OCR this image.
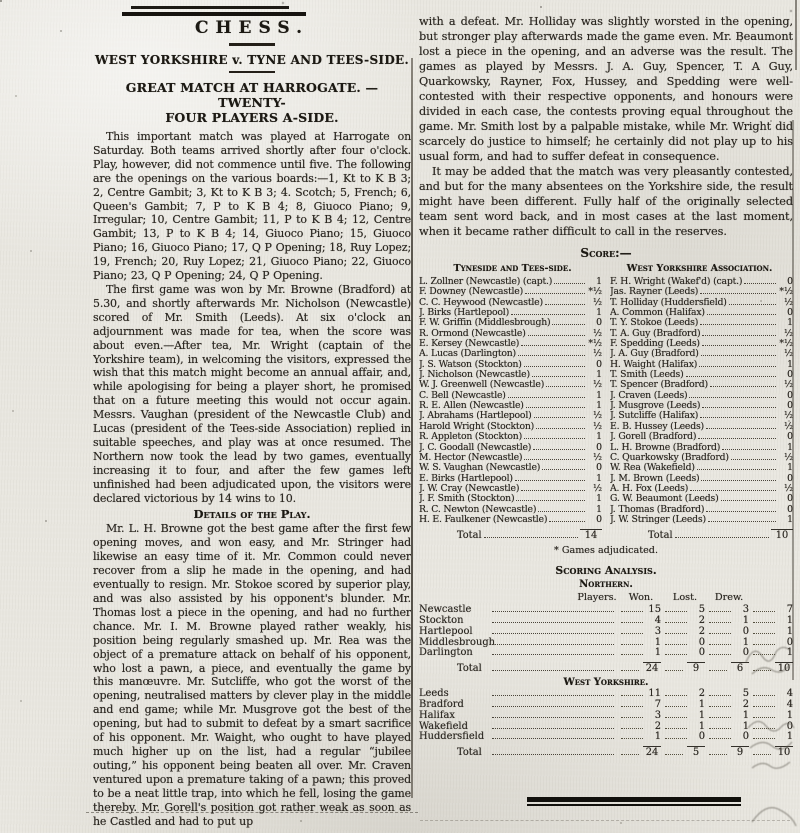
CHESS.
WEST YORKSHIRE v. TYNE AND TEES-SIDE.
GREAT MATCH AT HARROGATE. — TWENTY-
FOUR PLAYERS A-SIDE.

This important match was played at Harrogate on Saturday. Both teams arrived shortly after four o'clock. Play, however, did not commence until five. The following are the openings on the various boards:—1, Kt to K B 3; 2, Centre Gambit; 3, Kt to K B 3; 4. Scotch; 5, French; 6, Queen's Gambit; 7, P to K B 4; 8, Giuoco Piano; 9, Irregular; 10, Centre Gambit; 11, P to K B 4; 12, Centre Gambit; 13, P to K B 4; 14, Giuoco Piano; 15, Giuoco Piano; 16, Giuoco Piano; 17, Q P Opening; 18, Ruy Lopez; 19, French; 20, Ruy Lopez; 21, Giuoco Piano; 22, Giuoco Piano; 23, Q P Opening; 24, Q P Opening.

The first game was won by Mr. Browne (Bradford) at 5.30, and shortly afterwards Mr. Nicholson (Newcastle) scored of Mr. Smith (Leeds). At six o'clock an adjournment was made for tea, when the score was about even.—After tea, Mr. Wright (captain of the Yorkshire team), in welcoming the visitors, expressed the wish that this match might become an annual affair, and, while apologising for being a player short, he promised that on a future meeting this would not occur again. Messrs. Vaughan (president of the Newcastle Club) and Lucas (president of the Tees-side Association) replied in suitable speeches, and play was at once resumed. The Northern now took the lead by two games, eventually increasing it to four, and after the few games left unfinished had been adjudicated upon, the visitors were declared victorious by 14 wins to 10.

Details of the Play.

Mr. L. H. Browne got the best game after the first few opening moves, and won easy, and Mr. Stringer had likewise an easy time of it. Mr. Common could never recover from a slip he made in the opening, and had eventually to resign. Mr. Stokoe scored by superior play, and was also assisted by his opponent's blunder. Mr. Thomas lost a piece in the opening, and had no further chance. Mr. I. M. Browne played rather weakly, his position being regularly smashed up. Mr. Rea was the object of a premature attack on behalf of his opponent, who lost a pawn, a piece, and eventually the game by this manœuvre. Mr. Sutcliffe, who got the worst of the opening, neutralised matters by clever play in the middle and end game; while Mr. Musgrove got the best of the opening, but had to submit to defeat by a smart sacrifice of his opponent. Mr. Waight, who ought to have played much higher up on the list, had a regular “jubilee outing,” his opponent being beaten all over. Mr. Craven ventured upon a premature taking of a pawn; this proved to be a neat little trap, into which he fell, losing the game thereby. Mr. Gorell's position got rather weak as soon as he Castled and had to put up

with a defeat. Mr. Holliday was slightly worsted in the opening, but stronger play afterwards made the game even. Mr. Beaumont lost a piece in the opening, and an adverse was the result. The games as played by Messrs. J. A. Guy, Spencer, T. A Guy, Quarkowsky, Rayner, Fox, Hussey, and Spedding were well-contested with their respective opponents, and honours were divided in each case, the contests proving equal throughout the game. Mr. Smith lost by a palpable mistake, while Mr. Wright did scarcely do justice to himself; he certainly did not play up to his usual form, and had to suffer defeat in consequence.

It may be added that the match was very pleasantly contested, and but for the many absentees on the Yorkshire side, the result might have been different. Fully half of the originally selected team sent word back, and in most cases at the last moment, when it became rather difficult to call in the reserves.

Score:—
Tyneside and Tees-side.	West Yorkshire Association.
L. Zollner (Newcastle) (capt.)	1 F. H. Wright (Wakef'd) (capt.)	0
F. Downey (Newcastle)	*½ Jas. Rayner (Leeds)	*½
C. C. Heywood (Newcastle)	½ T. Holliday (Huddersfield)	½
J. Birks (Hartlepool)	1 A. Common (Halifax)	0
F. W. Griffin (Middlesbrough)	0 T. Y. Stokoe (Leeds)	1
R. Ormond (Newcastle)	½ T. A. Guy (Bradford)	½
E. Kersey (Newcastle)	*½ F. Spedding (Leeds)	*½
A. Lucas (Darlington)	½ J. A. Guy (Bradford)	½
J. S. Watson (Stockton)	0 H. Waight (Halifax)	1
J. Nicholson (Newcastle)	1 T. Smith (Leeds)	0
W. J. Greenwell (Newcastle)	½ T. Spencer (Bradford)	½
C. Bell (Newcastle)	1 J. Craven (Leeds)	0
R. E. Allen (Newcastle)	1 J. Musgrove (Leeds)	0
J. Abrahams (Hartlepool)	½ J. Sutcliffe (Halifax)	½
Harold Wright (Stockton)	½ E. B. Hussey (Leeds)	½
R. Appleton (Stockton)	1 J. Gorell (Bradford)	0
J. C. Goodall (Newcastle)	0 L. H. Browne (Bradford)	1
M. Hector (Newcastle)	½ C. Quarkowsky (Bradford)	½
W. S. Vaughan (Newcastle)	0 W. Rea (Wakefield)	1
E. Birks (Hartlepool)	1 J. M. Brown (Leeds)	0
J. W. Cray (Newcastle)	½ A. H. Fox (Leeds)	½
J. F. Smith (Stockton)	1 G. W. Beaumont (Leeds)	0
R. C. Newton (Newcastle)	1 J. Thomas (Bradford)	0
H. E. Faulkener (Newcastle)	0 J. W. Stringer (Leeds)	1
Total	14	Total	10
* Games adjudicated.
Scoring Analysis.
Northern.
Players.	Won.	Lost.	Drew.
Newcastle	15	5	3	7
Stockton	4	2	1	1
Hartlepool	3	2	0	1
Middlesbrough	1	0	1	0
Darlington	1	0	0	1
Total	24	9	6	10
West Yorkshire.
Leeds	11	2	5	4
Bradford	7	1	2	4
Halifax	3	1	1	1
Wakefield	2	1	1	0
Huddersfield	1	0	0	1
Total	24	5	9	10
